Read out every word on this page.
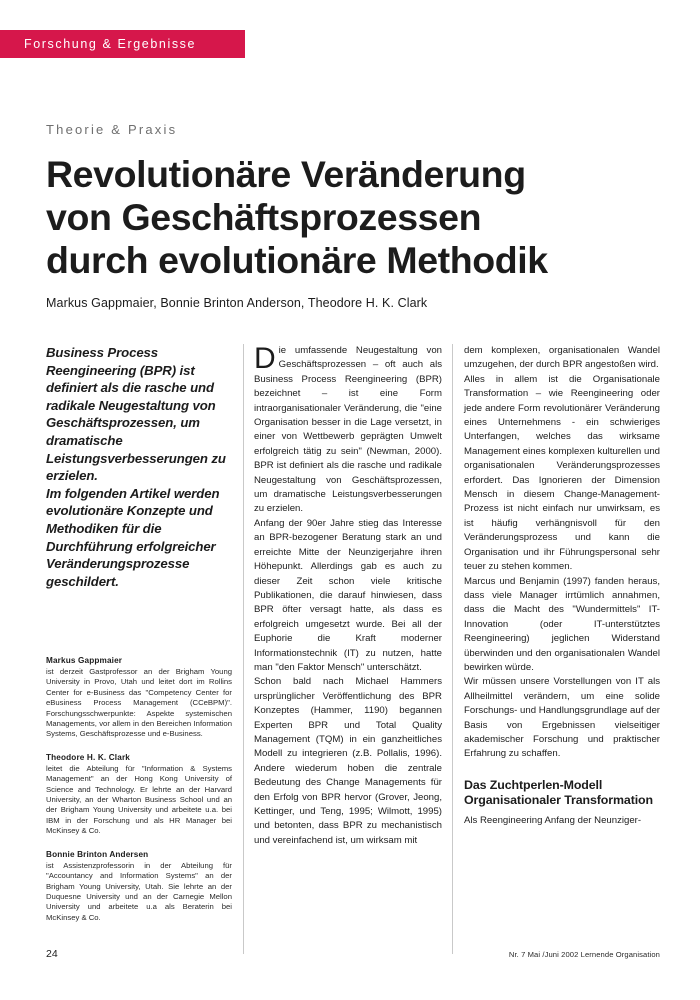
Forschung & Ergebnisse
Theorie & Praxis
Revolutionäre Veränderung
von Geschäftsprozessen
durch evolutionäre Methodik
Markus Gappmaier, Bonnie Brinton Anderson, Theodore H. K. Clark

Business Process Reengineering (BPR) ist definiert als die rasche und radikale Neugestaltung von Geschäftsprozessen, um dramatische Leistungsverbesserungen zu erzielen.

Im folgenden Artikel werden evolutionäre Konzepte und Methodiken für die Durchführung erfolgreicher Veränderungsprozesse geschildert.

Markus Gappmaier

ist derzeit Gastprofessor an der Brigham Young University in Provo, Utah und leitet dort im Rollins Center for e-Business das "Competency Center for eBusiness Process Management (CCeBPM)". Forschungsschwerpunkte: Aspekte systemischen Managements, vor allem in den Bereichen Information Systems, Geschäftsprozesse und e-Business.

Theodore H. K. Clark

leitet die Abteilung für "Information & Systems Management" an der Hong Kong University of Science and Technology. Er lehrte an der Harvard University, an der Wharton Business School und an der Brigham Young University und arbeitete u.a. bei IBM in der Forschung und als HR Manager bei McKinsey & Co.

Bonnie Brinton Andersen

ist Assistenzprofessorin in der Abteilung für "Accountancy and Information Systems" an der Brigham Young University, Utah. Sie lehrte an der Duquesne University und an der Carnegie Mellon University und arbeitete u.a als Beraterin bei McKinsey & Co.

Die umfassende Neugestaltung von Geschäftsprozessen – oft auch als Business Process Reengineering (BPR) bezeichnet – ist eine Form intraorganisationaler Veränderung, die "eine Organisation besser in die Lage versetzt, in einer von Wettbewerb geprägten Umwelt erfolgreich tätig zu sein" (Newman, 2000). BPR ist definiert als die rasche und radikale Neugestaltung von Geschäftsprozessen, um dramatische Leistungsverbesserungen zu erzielen.

Anfang der 90er Jahre stieg das Interesse an BPR-bezogener Beratung stark an und erreichte Mitte der Neunzigerjahre ihren Höhepunkt. Allerdings gab es auch zu dieser Zeit schon viele kritische Publikationen, die darauf hinwiesen, dass BPR öfter versagt hatte, als dass es erfolgreich umgesetzt wurde. Bei all der Euphorie die Kraft moderner Informationstechnik (IT) zu nutzen, hatte man "den Faktor Mensch" unterschätzt.

Schon bald nach Michael Hammers ursprünglicher Veröffentlichung des BPR Konzeptes (Hammer, 1190) begannen Experten BPR und Total Quality Management (TQM) in ein ganzheitliches Modell zu integrieren (z.B. Pollalis, 1996). Andere wiederum hoben die zentrale Bedeutung des Change Managements für den Erfolg von BPR hervor (Grover, Jeong, Kettinger, und Teng, 1995; Wilmott, 1995) und betonten, dass BPR zu mechanistisch und vereinfachend ist, um wirksam mit

dem komplexen, organisationalen Wandel umzugehen, der durch BPR angestoßen wird.

Alles in allem ist die Organisationale Transformation – wie Reengineering oder jede andere Form revolutionärer Veränderung eines Unternehmens - ein schwieriges Unterfangen, welches das wirksame Management eines komplexen kulturellen und organisationalen Veränderungsprozesses erfordert. Das Ignorieren der Dimension Mensch in diesem Change-Management-Prozess ist nicht einfach nur unwirksam, es ist häufig verhängnisvoll für den Veränderungsprozess und kann die Organisation und ihr Führungspersonal sehr teuer zu stehen kommen.

Marcus und Benjamin (1997) fanden heraus, dass viele Manager irrtümlich annahmen, dass die Macht des "Wundermittels" IT-Innovation (oder IT-unterstütztes Reengineering) jeglichen Widerstand überwinden und den organisationalen Wandel bewirken würde.

Wir müssen unsere Vorstellungen von IT als Allheilmittel verändern, um eine solide Forschungs- und Handlungsgrundlage auf der Basis von Ergebnissen vielseitiger akademischer Forschung und praktischer Erfahrung zu schaffen.

Das Zuchtperlen-Modell Organisationaler Transformation

Als Reengineering Anfang der Neunziger-

24	Nr. 7 Mai /Juni 2002 Lernende Organisation
